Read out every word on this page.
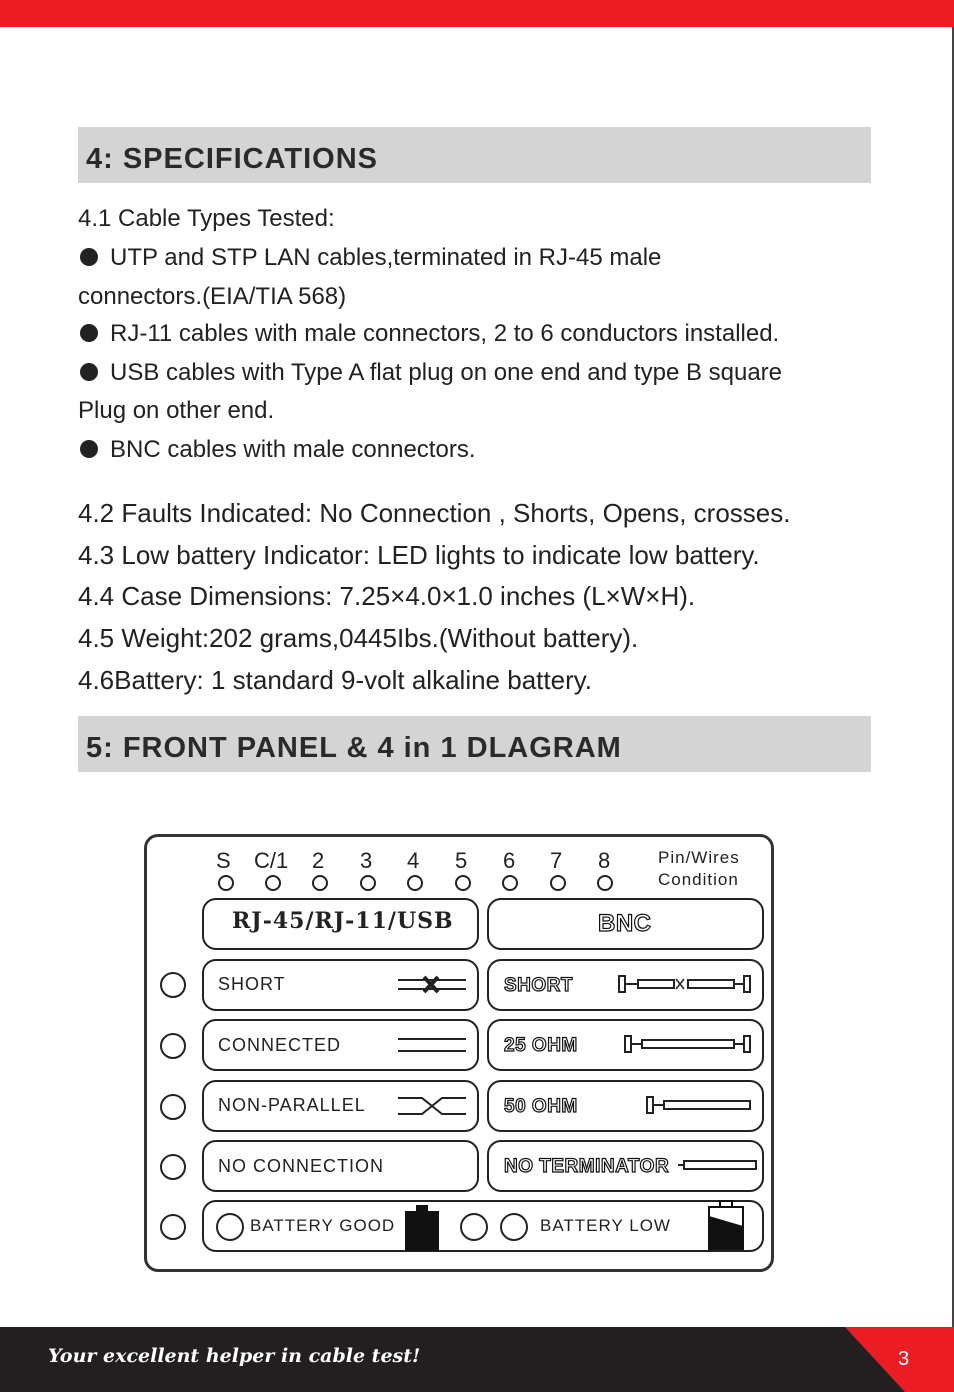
4: SPECIFICATIONS
4.1 Cable Types Tested:
UTP and STP LAN cables,terminated in RJ-45 male
connectors.(EIA/TIA 568)
RJ-11 cables with male connectors, 2 to 6 conductors installed.
USB cables with Type A flat plug on one end and type B square
Plug on other end.
BNC cables with male connectors.
4.2 Faults Indicated: No Connection , Shorts, Opens, crosses.
4.3 Low battery Indicator: LED lights to indicate low battery.
4.4 Case Dimensions: 7.25×4.0×1.0 inches (L×W×H).
4.5 Weight:202 grams,0445Ibs.(Without battery).
4.6Battery: 1 standard 9-volt alkaline battery.
5: FRONT PANEL & 4 in 1 DLAGRAM
S C/1 2 3 4 5 6 7 8	Pin/Wires
Condition
RJ-45/RJ-11/USB	BNC
SHORT
CONNECTED
NON-PARALLEL
NO CONNECTION
SHORT
25 OHM
50 OHM
NO TERMINATOR
BATTERY GOOD	BATTERY LOW
Your excellent helper in cable test!	3
